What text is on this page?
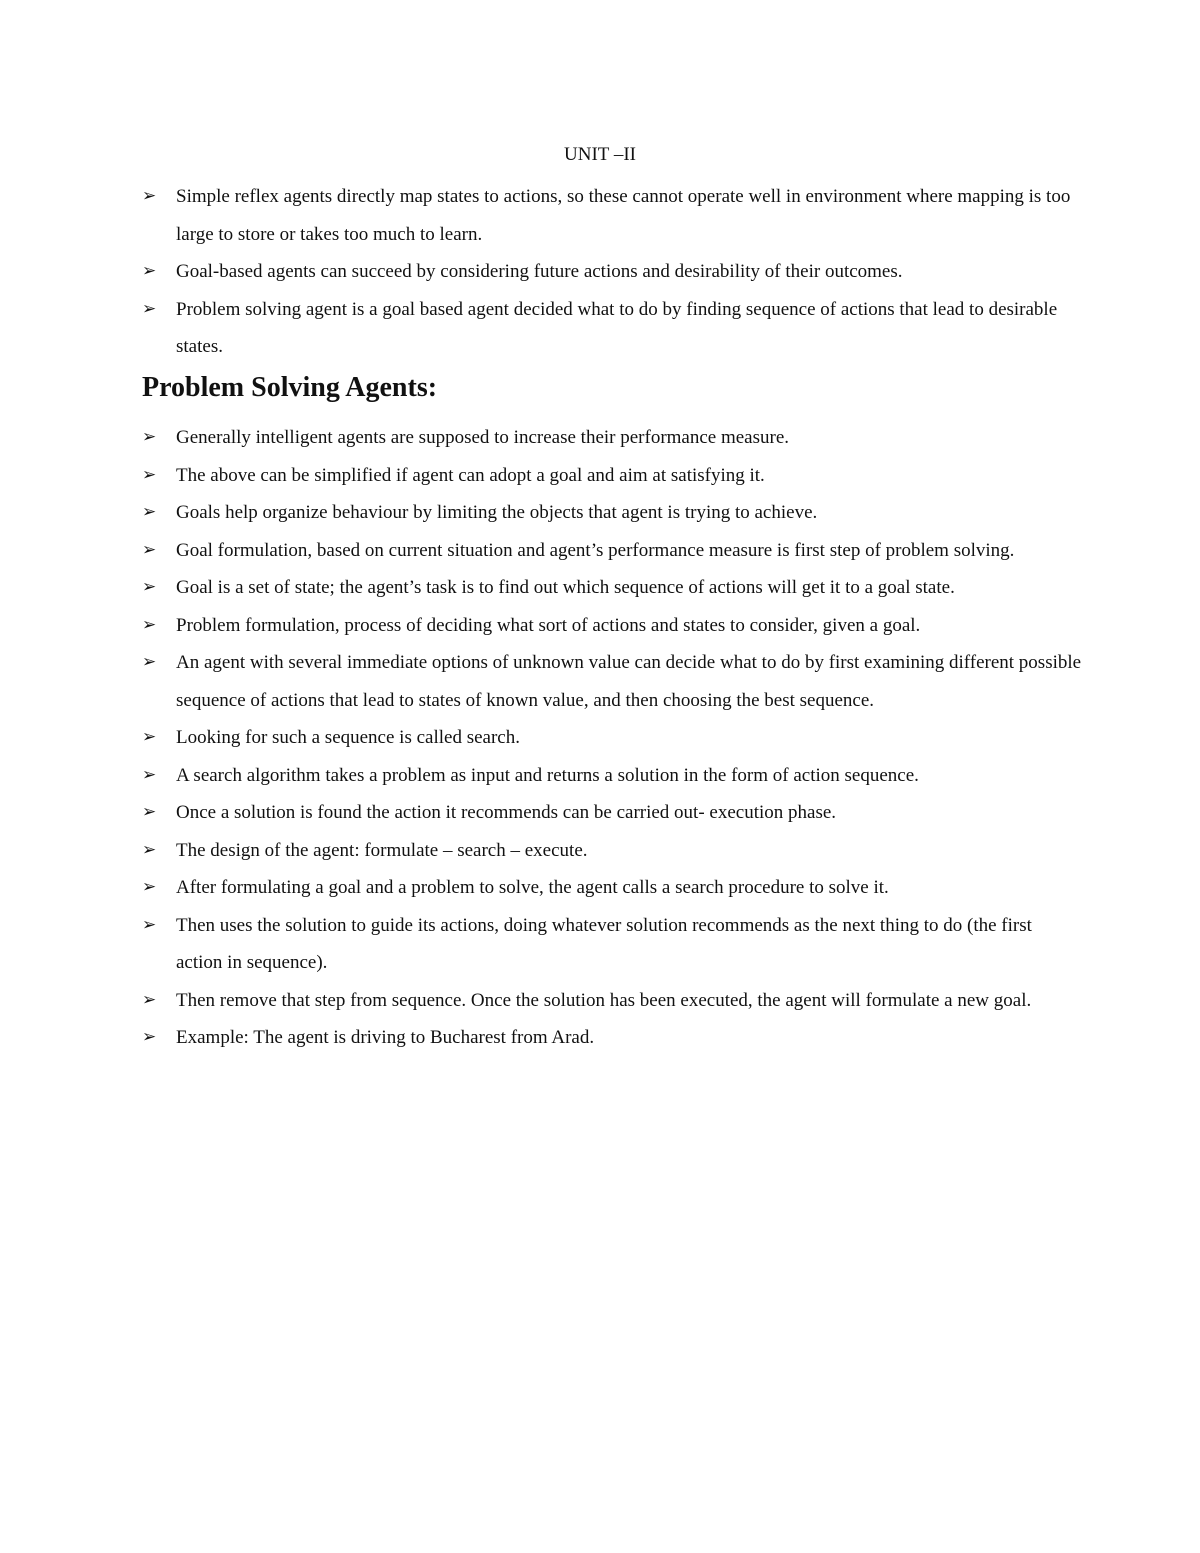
UNIT –II
➢ Simple reflex agents directly map states to actions, so these cannot operate well in environment where mapping is too large to store or takes too much to learn.
➢ Goal-based agents can succeed by considering future actions and desirability of their outcomes.
➢ Problem solving agent is a goal based agent decided what to do by finding sequence of actions that lead to desirable states.
Problem Solving Agents:
➢ Generally intelligent agents are supposed to increase their performance measure.
➢ The above can be simplified if agent can adopt a goal and aim at satisfying it.
➢ Goals help organize behaviour by limiting the objects that agent is trying to achieve.
➢ Goal formulation, based on current situation and agent’s performance measure is first step of problem solving.
➢ Goal is a set of state; the agent’s task is to find out which sequence of actions will get it to a goal state.
➢ Problem formulation, process of deciding what sort of actions and states to consider, given a goal.
➢ An agent with several immediate options of unknown value can decide what to do by first examining different possible sequence of actions that lead to states of known value, and then choosing the best sequence.
➢ Looking for such a sequence is called search.
➢ A search algorithm takes a problem as input and returns a solution in the form of action sequence.
➢ Once a solution is found the action it recommends can be carried out- execution phase.
➢ The design of the agent: formulate – search – execute.
➢ After formulating a goal and a problem to solve, the agent calls a search procedure to solve it.
➢ Then uses the solution to guide its actions, doing whatever solution recommends as the next thing to do (the first action in sequence).
➢ Then remove that step from sequence. Once the solution has been executed, the agent will formulate a new goal.
➢ Example: The agent is driving to Bucharest from Arad.
